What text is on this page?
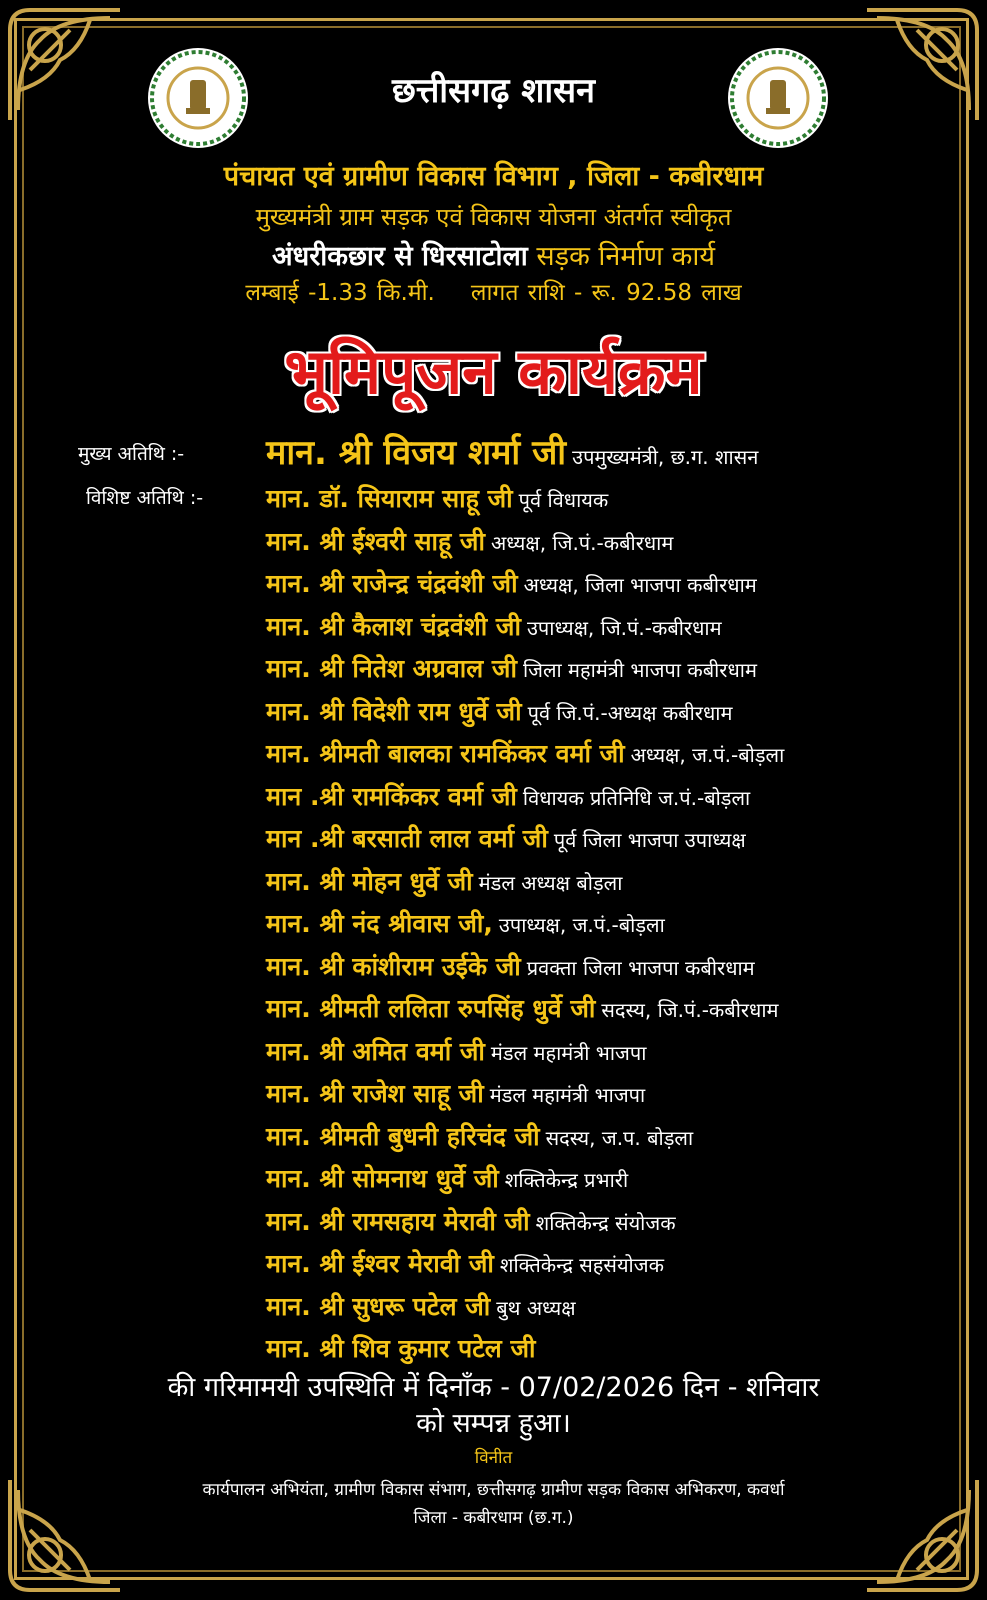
छत्तीसगढ़ शासन
पंचायत एवं ग्रामीण विकास विभाग , जिला - कबीरधाम
मुख्यमंत्री ग्राम सड़क एवं विकास योजना अंतर्गत स्वीकृत
अंधरीकछार से धिरसाटोला सड़क निर्माण कार्य
लम्बाई -1.33 कि.मी. लागत राशि - रू. 92.58 लाख
भूमिपूजन कार्यक्रम
मुख्य अतिथि :-
विशिष्ट अतिथि :-
मान. श्री विजय शर्मा जी उपमुख्यमंत्री, छ.ग. शासन
मान. डॉ. सियाराम साहू जी पूर्व विधायक
मान. श्री ईश्वरी साहू जी अध्यक्ष, जि.पं.-कबीरधाम
मान. श्री राजेन्द्र चंद्रवंशी जी अध्यक्ष, जिला भाजपा कबीरधाम
मान. श्री कैलाश चंद्रवंशी जी उपाध्यक्ष, जि.पं.-कबीरधाम
मान. श्री नितेश अग्रवाल जी जिला महामंत्री भाजपा कबीरधाम
मान. श्री विदेशी राम धुर्वे जी पूर्व जि.पं.-अध्यक्ष कबीरधाम
मान. श्रीमती बालका रामकिंकर वर्मा जी अध्यक्ष, ज.पं.-बोड़ला
मान .श्री रामकिंकर वर्मा जी विधायक प्रतिनिधि ज.पं.-बोड़ला
मान .श्री बरसाती लाल वर्मा जी पूर्व जिला भाजपा उपाध्यक्ष
मान. श्री मोहन धुर्वे जी मंडल अध्यक्ष बोड़ला
मान. श्री नंद श्रीवास जी, उपाध्यक्ष, ज.पं.-बोड़ला
मान. श्री कांशीराम उईके जी प्रवक्ता जिला भाजपा कबीरधाम
मान. श्रीमती ललिता रुपसिंह धुर्वे जी सदस्य, जि.पं.-कबीरधाम
मान. श्री अमित वर्मा जी मंडल महामंत्री भाजपा
मान. श्री राजेश साहू जी मंडल महामंत्री भाजपा
मान. श्रीमती बुधनी हरिचंद जी सदस्य, ज.प. बोड़ला
मान. श्री सोमनाथ धुर्वे जी शक्तिकेन्द्र प्रभारी
मान. श्री रामसहाय मेरावी जी शक्तिकेन्द्र संयोजक
मान. श्री ईश्वर मेरावी जी शक्तिकेन्द्र सहसंयोजक
मान. श्री सुधरू पटेल जी बुथ अध्यक्ष
मान. श्री शिव कुमार पटेल जी
की गरिमामयी उपस्थिति में दिनाँक - 07/02/2026 दिन - शनिवार
को सम्पन्न हुआ।
विनीत
कार्यपालन अभियंता, ग्रामीण विकास संभाग, छत्तीसगढ़ ग्रामीण सड़क विकास अभिकरण, कवर्धा
जिला - कबीरधाम (छ.ग.)
